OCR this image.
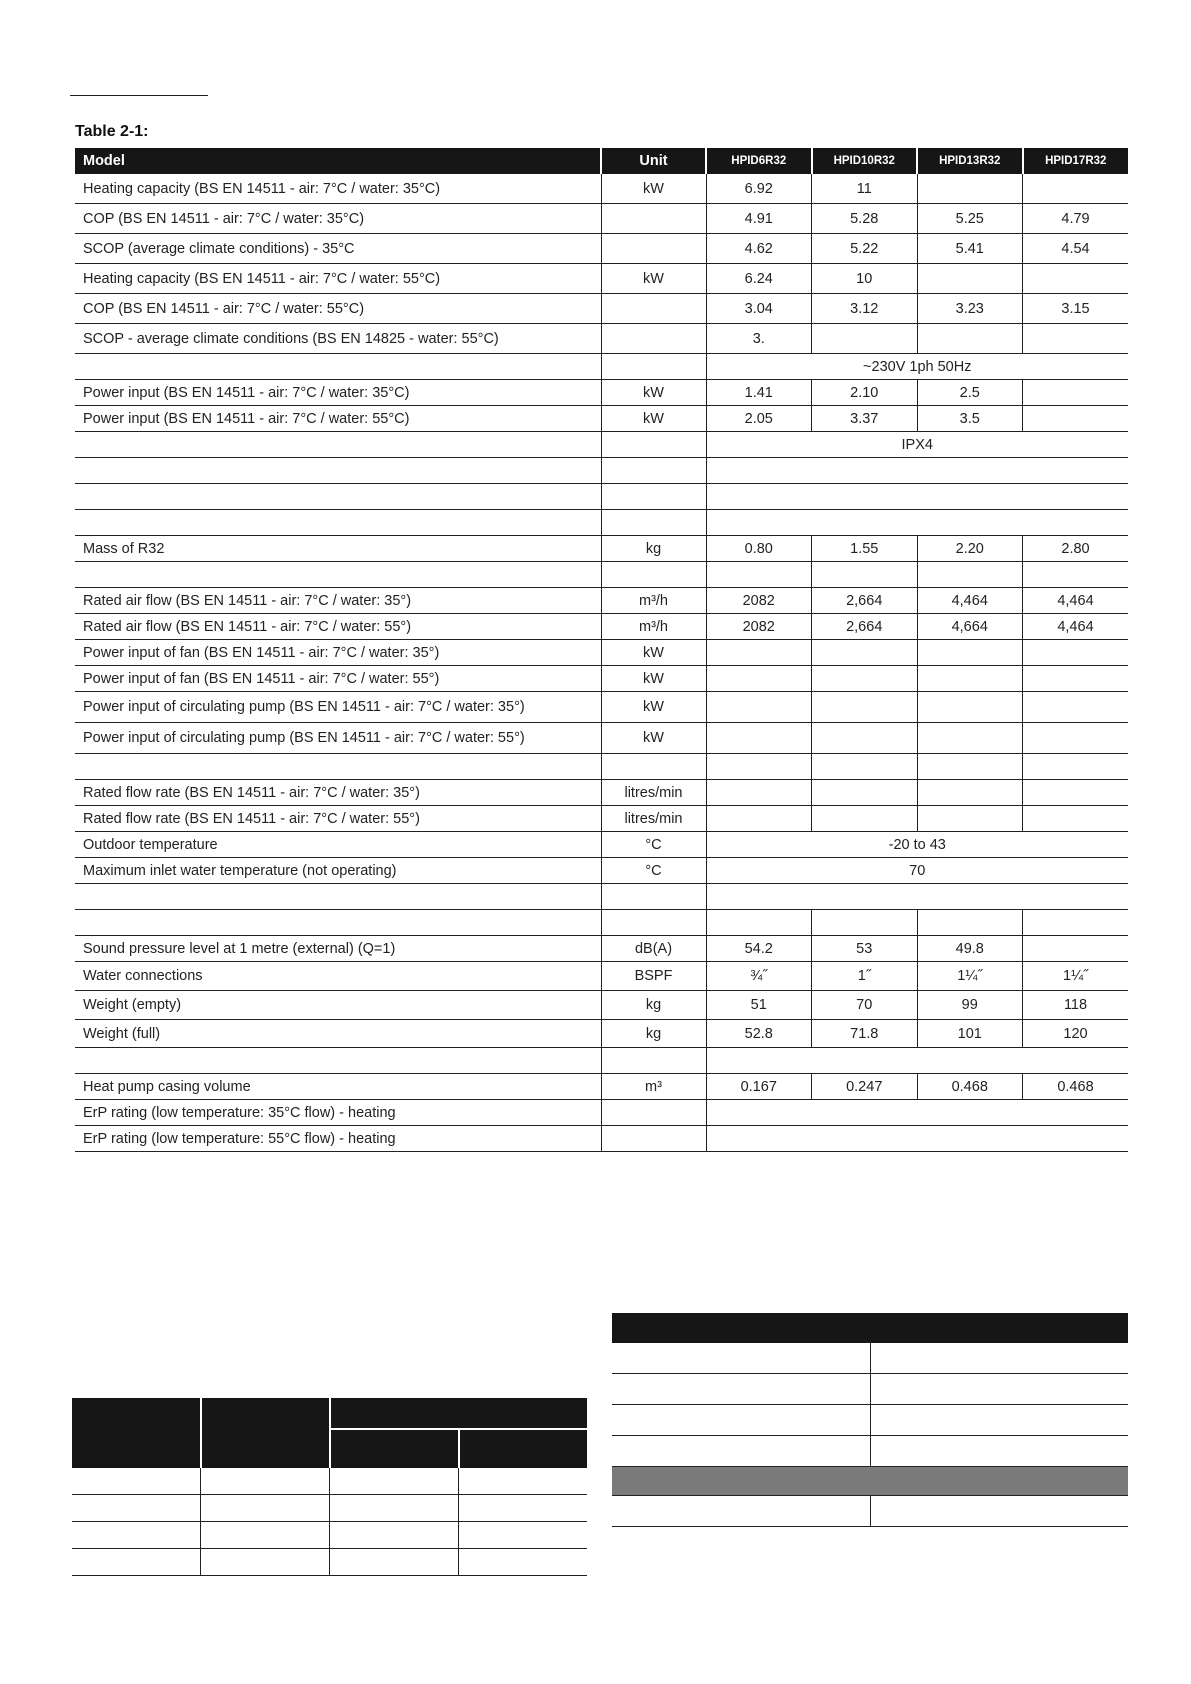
Table 2-1:
Model	Unit	HPID6R32	HPID10R32	HPID13R32	HPID17R32
Heating capacity (BS EN 14511 - air: 7°C / water: 35°C)	kW	6.92	11		
COP (BS EN 14511 - air: 7°C / water: 35°C)		4.91	5.28	5.25	4.79
SCOP (average climate conditions) - 35°C		4.62	5.22	5.41	4.54
Heating capacity (BS EN 14511 - air: 7°C / water: 55°C)	kW	6.24	10		
COP (BS EN 14511 - air: 7°C / water: 55°C)		3.04	3.12	3.23	3.15
SCOP - average climate conditions (BS EN 14825 - water: 55°C)		3.			
		~230V 1ph 50Hz			
Power input (BS EN 14511 - air: 7°C / water: 35°C)	kW	1.41	2.10	2.5	
Power input (BS EN 14511 - air: 7°C / water: 55°C)	kW	2.05	3.37	3.5	
		IPX4			

Mass of R32	kg	0.80	1.55	2.20	2.80

Rated air flow (BS EN 14511 - air: 7°C / water: 35°)	m³/h	2082	2,664	4,464	4,464
Rated air flow (BS EN 14511 - air: 7°C / water: 55°)	m³/h	2082	2,664	4,664	4,464
Power input of fan (BS EN 14511 - air: 7°C / water: 35°)	kW				
Power input of fan (BS EN 14511 - air: 7°C / water: 55°)	kW				
Power input of circulating pump (BS EN 14511 - air: 7°C / water: 35°)	kW				
Power input of circulating pump (BS EN 14511 - air: 7°C / water: 55°)	kW				

Rated flow rate (BS EN 14511 - air: 7°C / water: 35°)	litres/min				
Rated flow rate (BS EN 14511 - air: 7°C / water: 55°)	litres/min				
Outdoor temperature	°C	-20 to 43			
Maximum inlet water temperature (not operating)	°C	70			

Sound pressure level at 1 metre (external) (Q=1)	dB(A)	54.2	53	49.8	
Water connections	BSPF	¾˝	1˝	1¼˝	1¼˝
Weight (empty)	kg	51	70	99	118
Weight (full)	kg	52.8	71.8	101	120

Heat pump casing volume	m³	0.167	0.247	0.468	0.468
ErP rating (low temperature: 35°C flow) - heating					
ErP rating (low temperature: 55°C flow) - heating					
